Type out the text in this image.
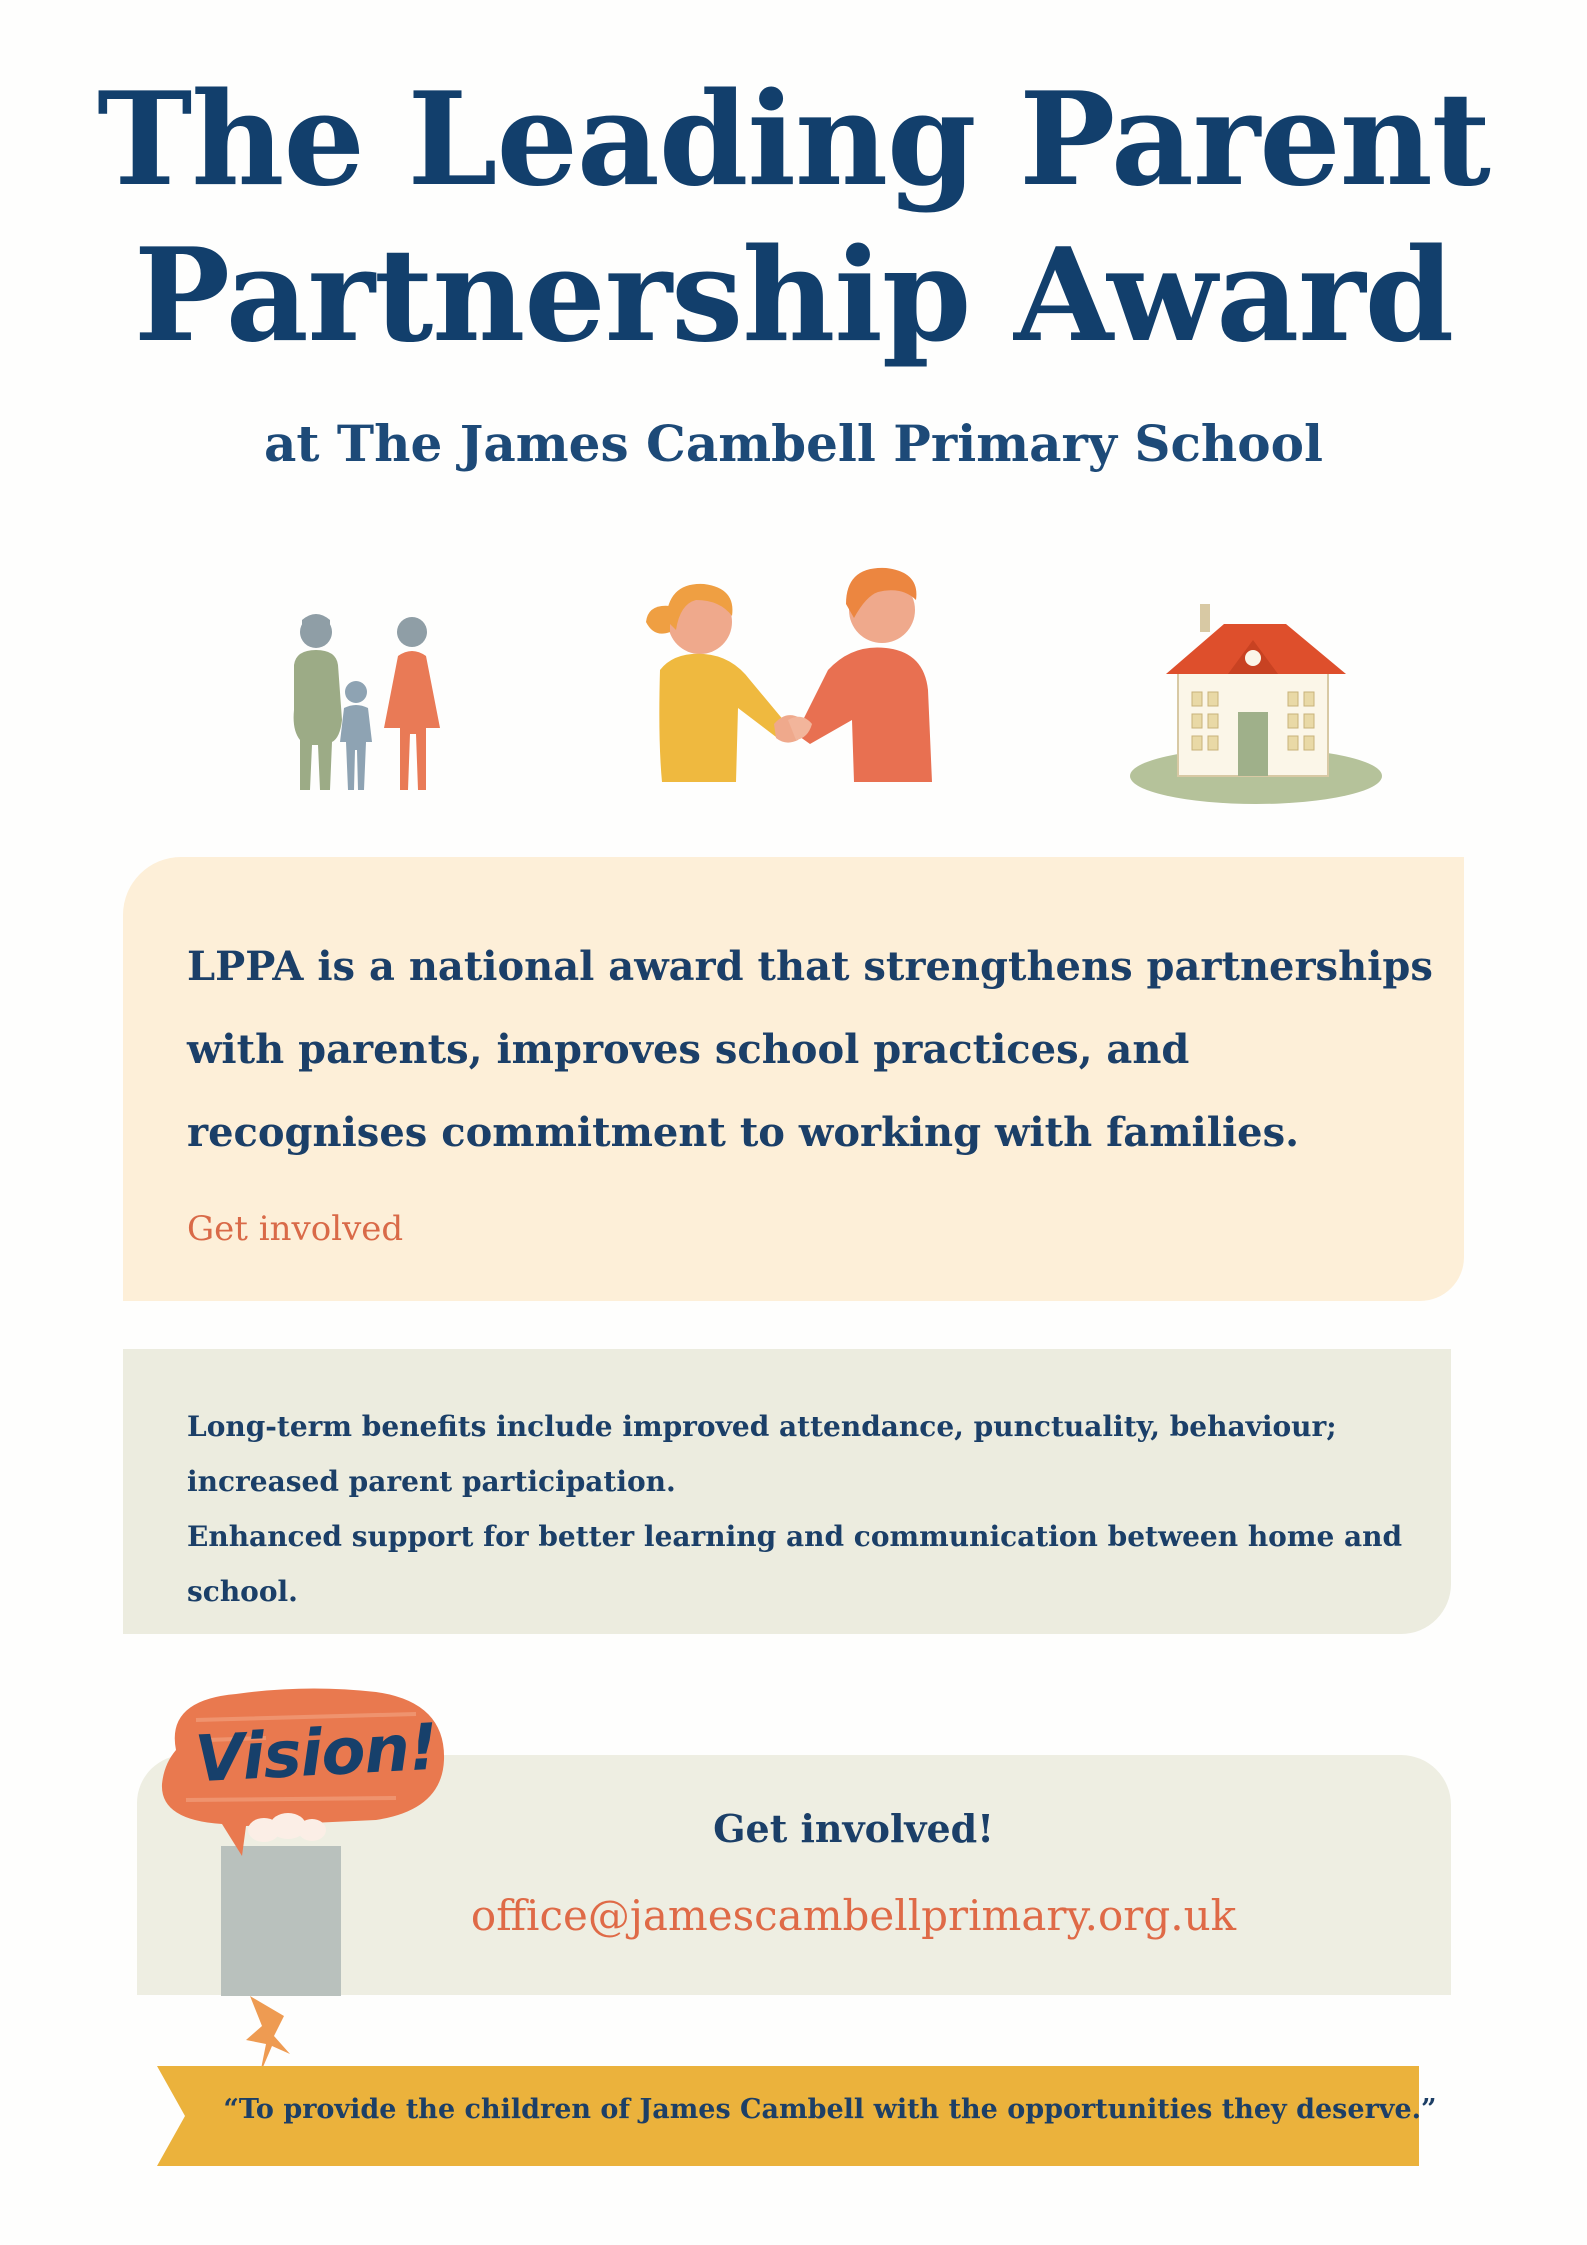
The Leading Parent
Partnership Award
at The James Cambell Primary School

LPPA is a national award that strengthens partnerships with parents, improves school practices, and recognises commitment to working with families.

Get involved
Long-term benefits include improved attendance, punctuality, behaviour; increased parent participation.
Enhanced support for better learning and communication between home and school.
Get involved!
office@jamescambellprimary.org.uk
Vision!
“To provide the children of James Cambell with the opportunities they deserve.”
